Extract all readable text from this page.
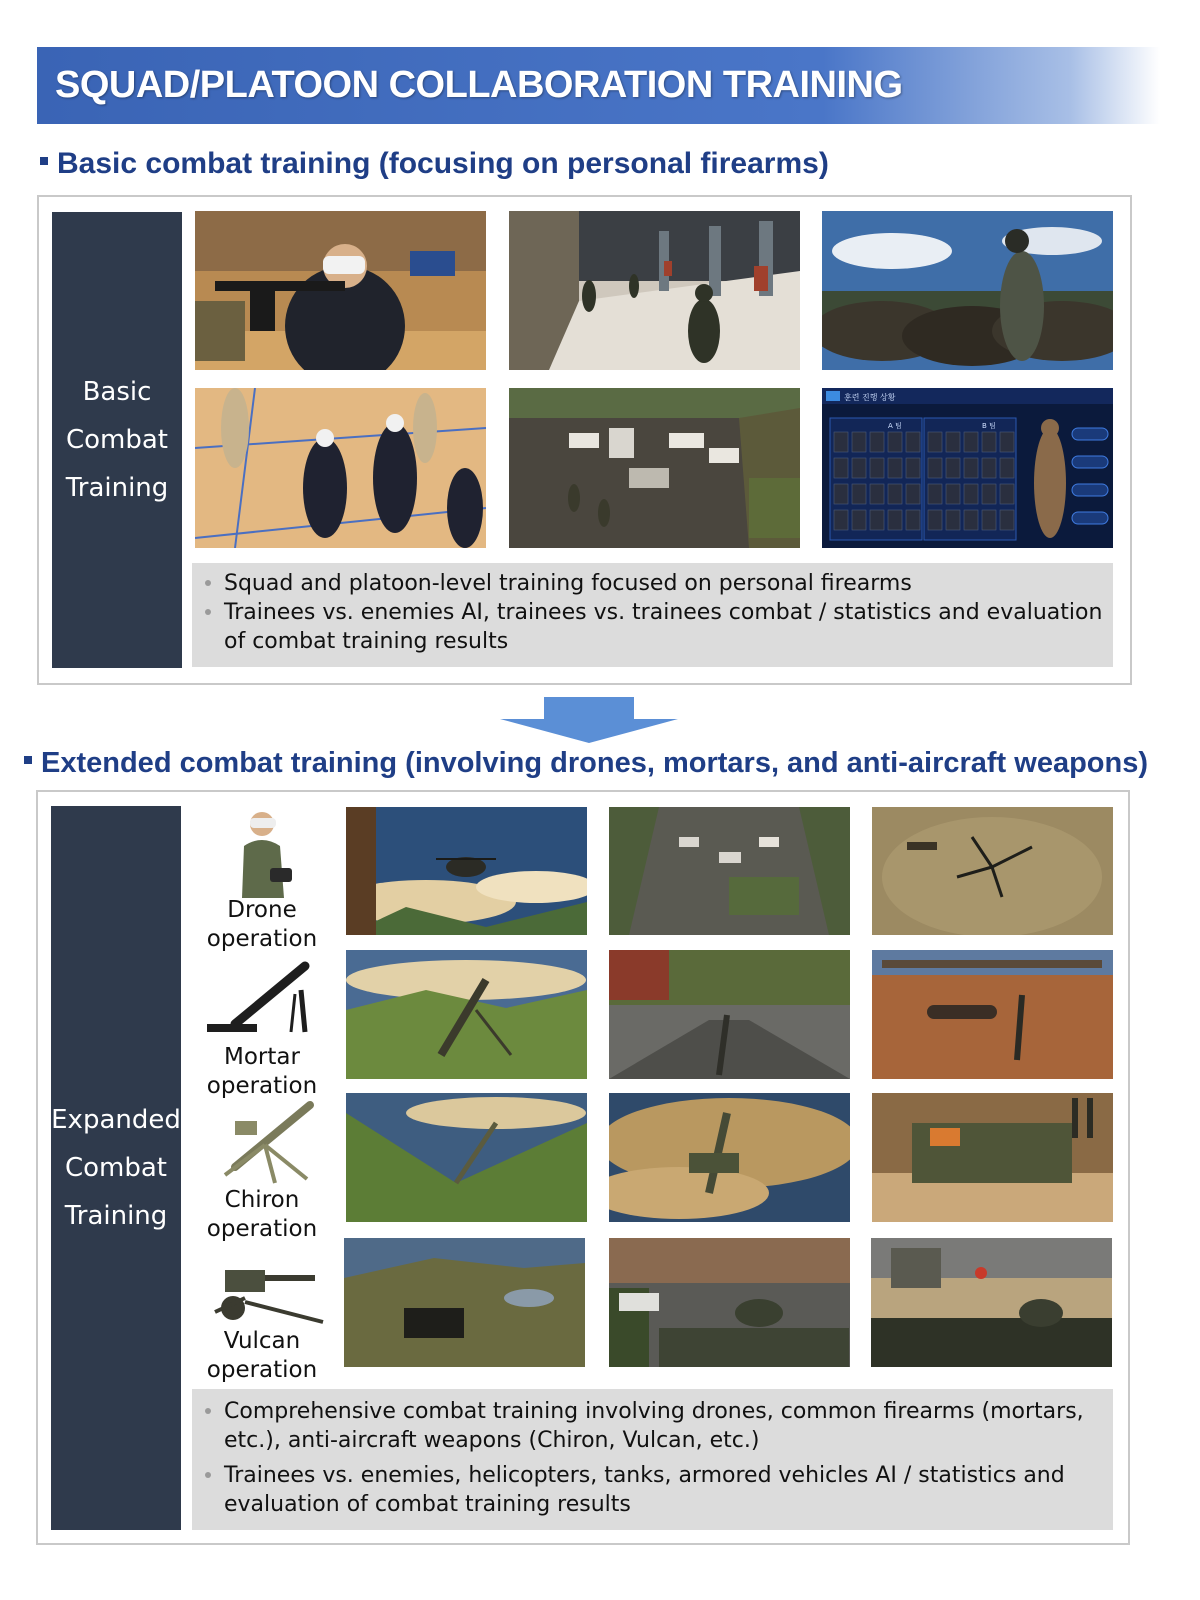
SQUAD/PLATOON COLLABORATION TRAINING
Basic combat training (focusing on personal firearms)
Basic
Combat
Training
훈련 진행 상황
A 팀	B 팀
Squad and platoon-level training focused on personal firearms
Trainees vs. enemies AI, trainees vs. trainees combat / statistics and evaluation of combat training results
Extended combat training (involving drones, mortars, and anti-aircraft weapons)
Expanded
Combat
Training
Drone
operation
Mortar
operation
Chiron
operation
Vulcan
operation
Comprehensive combat training involving drones, common firearms (mortars, etc.), anti-aircraft weapons (Chiron, Vulcan, etc.)
Trainees vs. enemies, helicopters, tanks, armored vehicles AI / statistics and evaluation of combat training results
